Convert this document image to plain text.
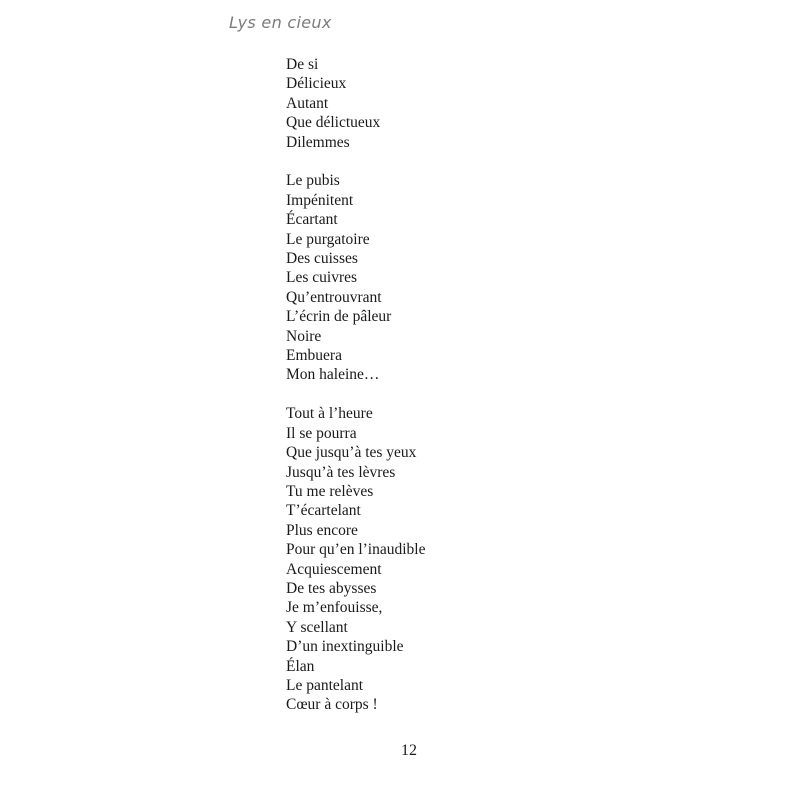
Lys en cieux
De si
Délicieux
Autant
Que délictueux
Dilemmes
Le pubis
Impénitent
Écartant
Le purgatoire
Des cuisses
Les cuivres
Qu’entrouvrant
L’écrin de pâleur
Noire
Embuera
Mon haleine…
Tout à l’heure
Il se pourra
Que jusqu’à tes yeux
Jusqu’à tes lèvres
Tu me relèves
T’écartelant
Plus encore
Pour qu’en l’inaudible
Acquiescement
De tes abysses
Je m’enfouisse,
Y scellant
D’un inextinguible
Élan
Le pantelant
Cœur à corps !
12
